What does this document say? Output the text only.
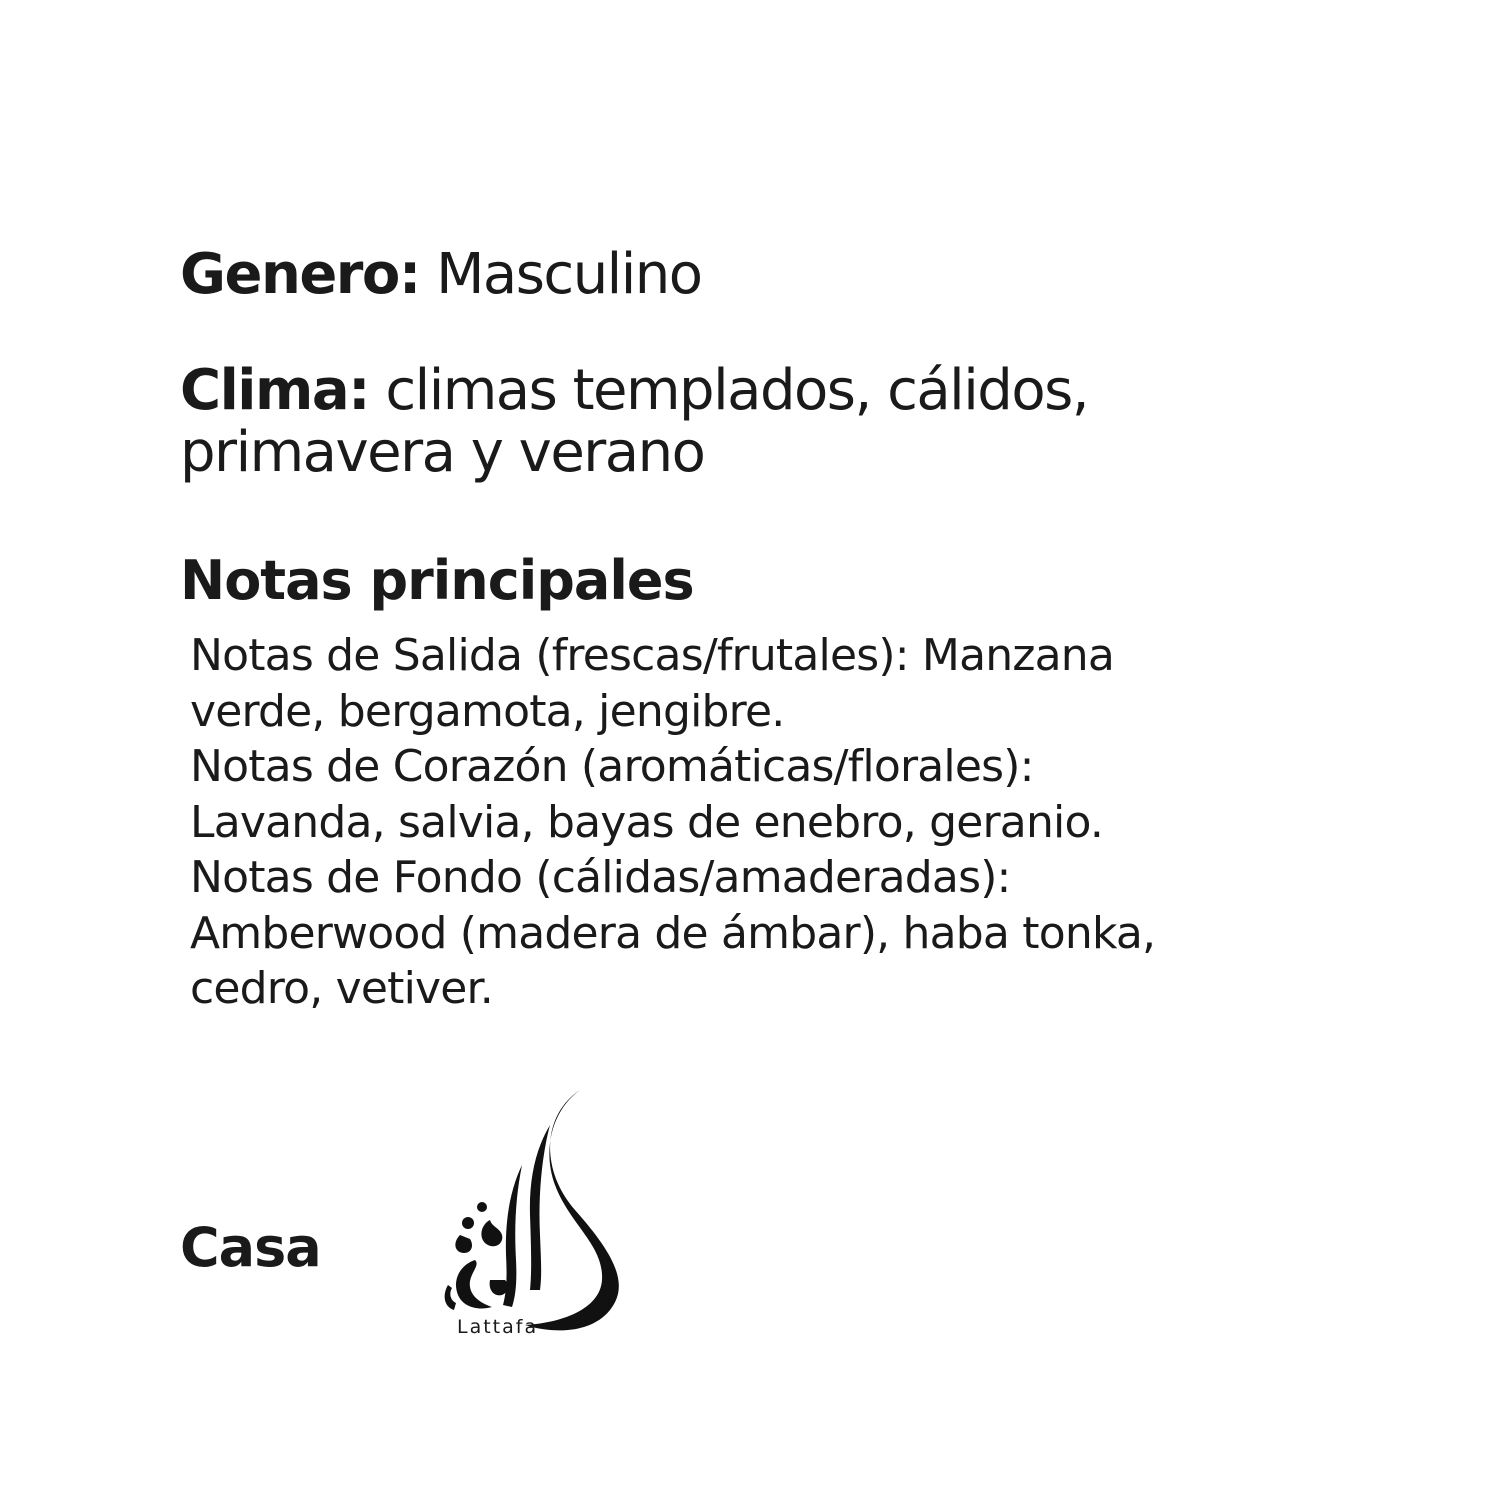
Genero: Masculino
Clima: climas templados, cálidos,
primavera y verano
Notas principales
Notas de Salida (frescas/frutales): Manzana
verde, bergamota, jengibre.
Notas de Corazón (aromáticas/florales):
Lavanda, salvia, bayas de enebro, geranio.
Notas de Fondo (cálidas/amaderadas):
Amberwood (madera de ámbar), haba tonka,
cedro, vetiver.
Casa
Lattafa
